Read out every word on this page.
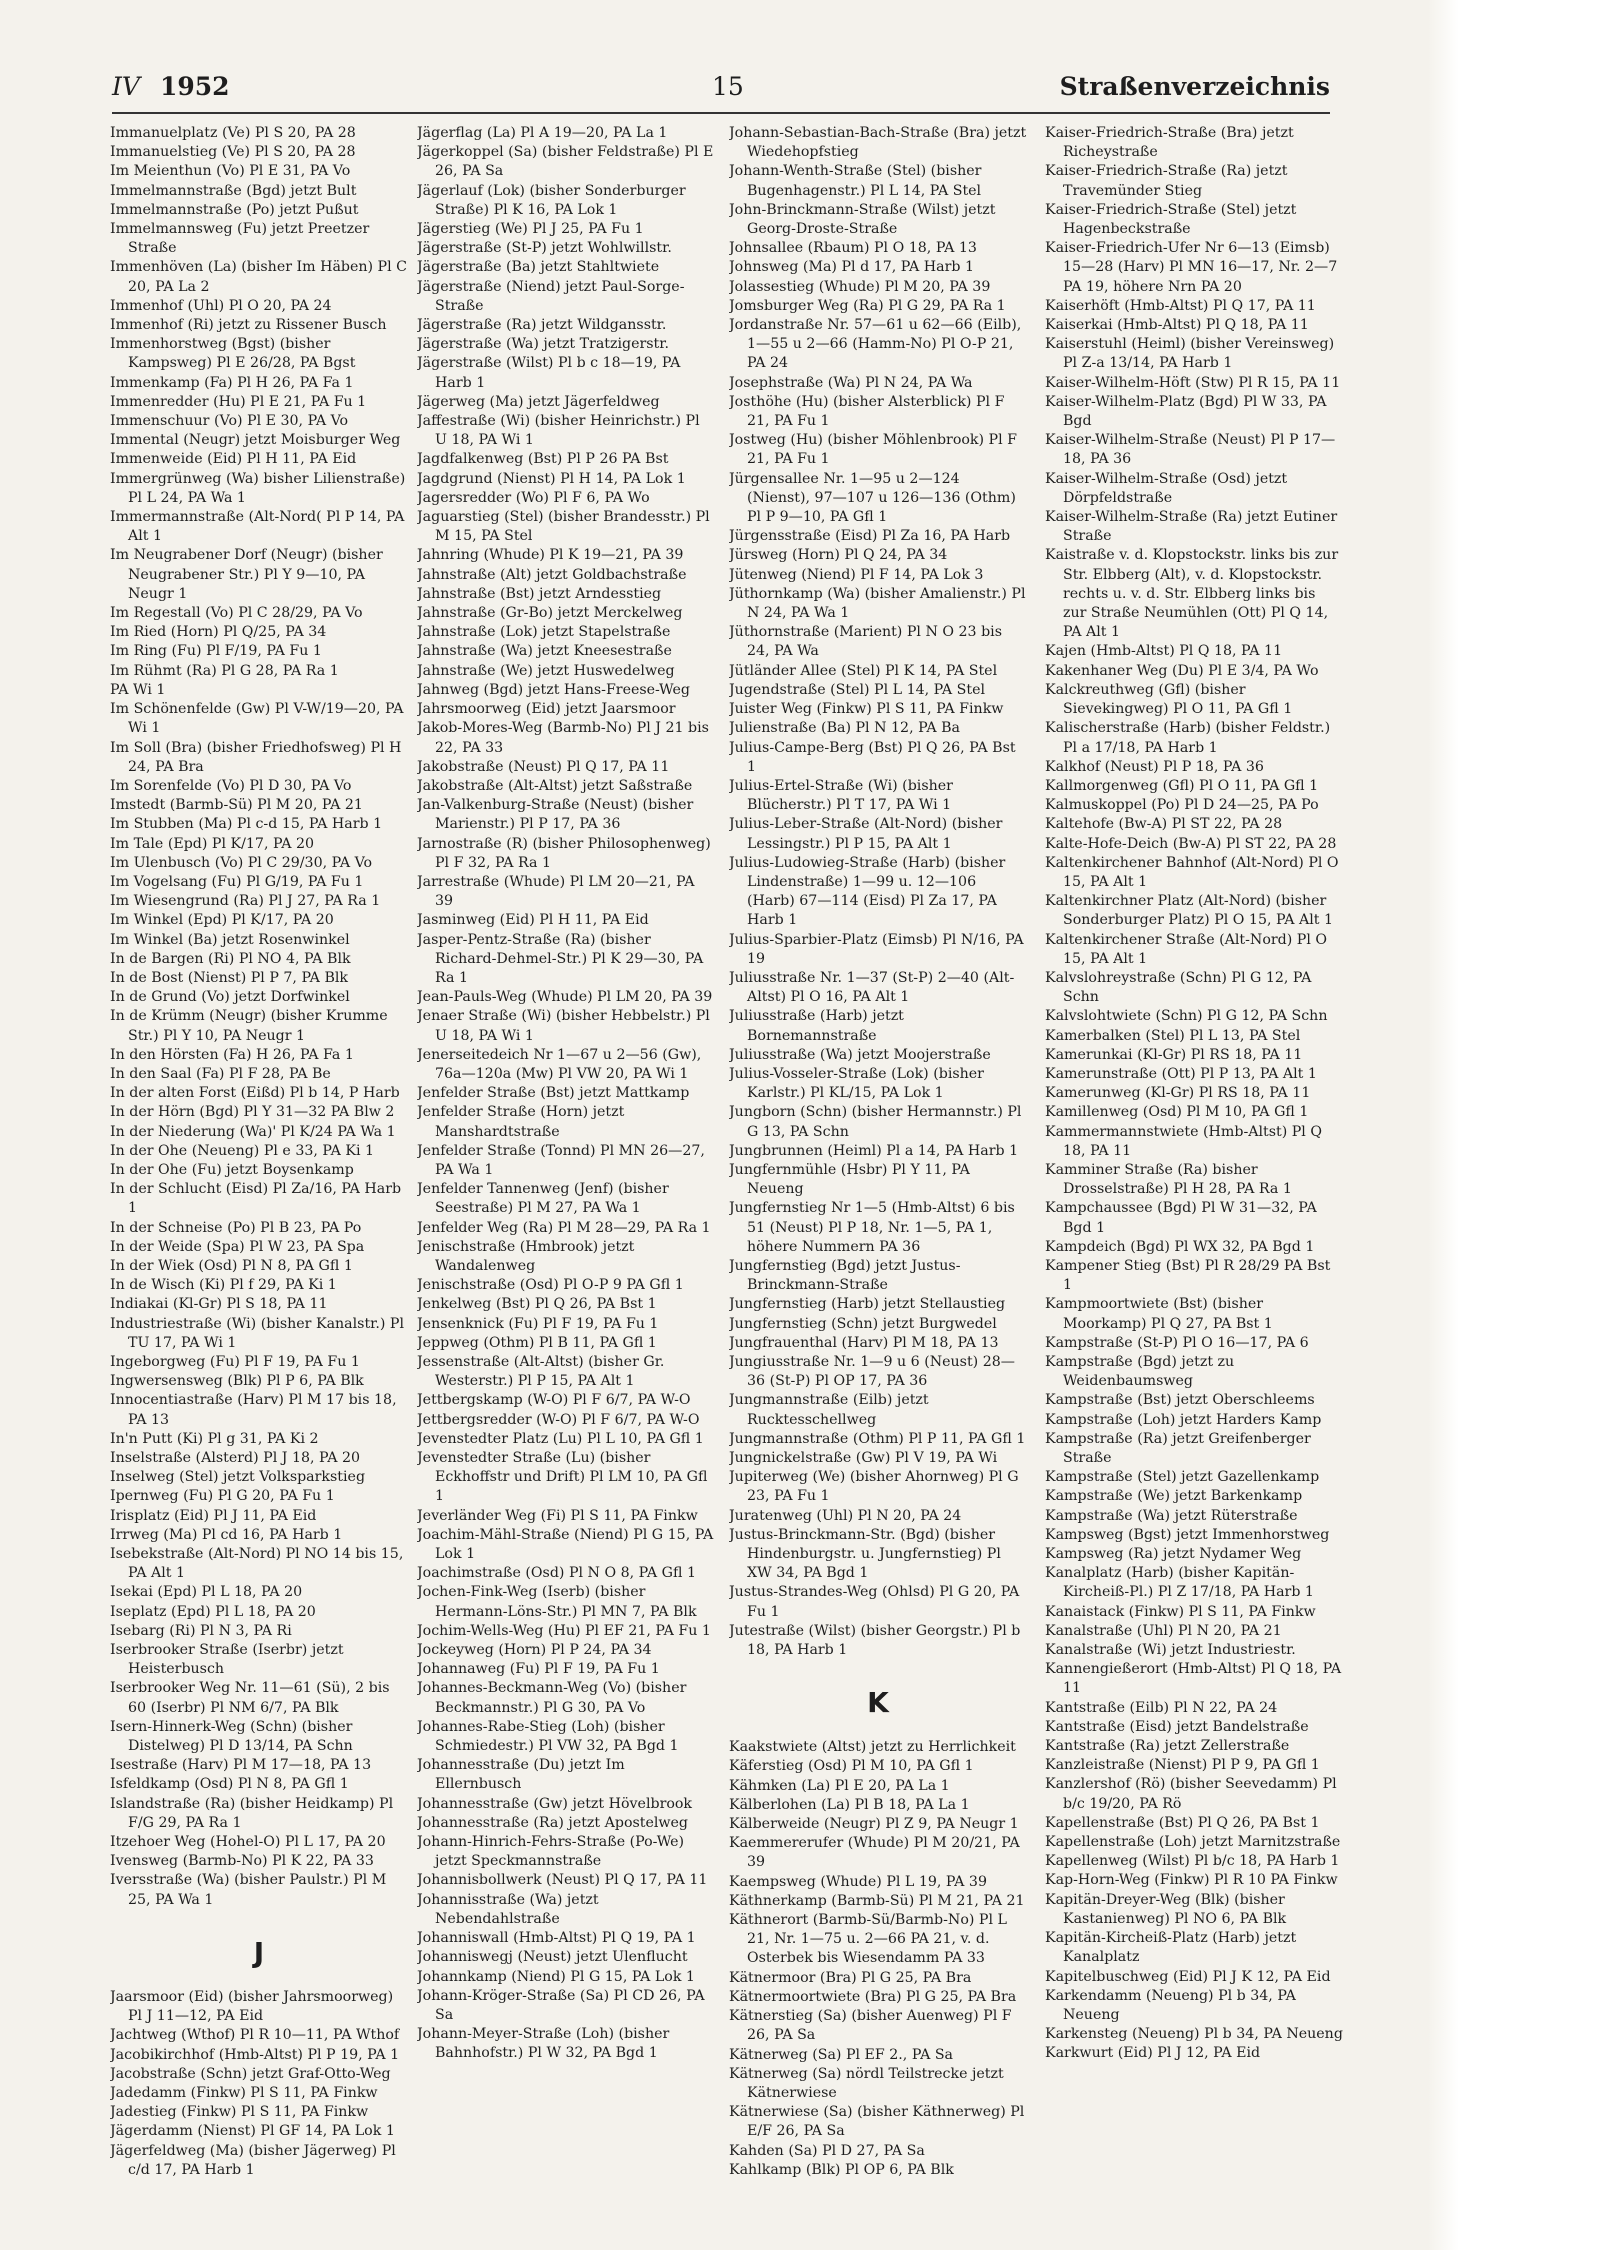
IV 1952	15	Straßenverzeichnis
Immanuelplatz (Ve) Pl S 20, PA 28
Immanuelstieg (Ve) Pl S 20, PA 28
Im Meienthun (Vo) Pl E 31, PA Vo
Immelmannstraße (Bgd) jetzt Bult
Immelmannstraße (Po) jetzt Pußut
Immelmannsweg (Fu) jetzt Preetzer Straße
Immenhöven (La) (bisher Im Häben) Pl C 20, PA La 2
Immenhof (Uhl) Pl O 20, PA 24
Immenhof (Ri) jetzt zu Rissener Busch
Immenhorstweg (Bgst) (bisher Kampsweg) Pl E 26/28, PA Bgst
Immenkamp (Fa) Pl H 26, PA Fa 1
Immenredder (Hu) Pl E 21, PA Fu 1
Immenschuur (Vo) Pl E 30, PA Vo
Immental (Neugr) jetzt Moisburger Weg
Immenweide (Eid) Pl H 11, PA Eid
Immergrünweg (Wa) bisher Lilienstraße) Pl L 24, PA Wa 1
Immermannstraße (Alt-Nord( Pl P 14, PA Alt 1
Im Neugrabener Dorf (Neugr) (bisher Neugrabener Str.) Pl Y 9—10, PA Neugr 1
Im Regestall (Vo) Pl C 28/29, PA Vo
Im Ried (Horn) Pl Q/25, PA 34
Im Ring (Fu) Pl F/19, PA Fu 1
Im Rühmt (Ra) Pl G 28, PA Ra 1
PA Wi 1
Im Schönenfelde (Gw) Pl V-W/19—20, PA Wi 1
Im Soll (Bra) (bisher Friedhofsweg) Pl H 24, PA Bra
Im Sorenfelde (Vo) Pl D 30, PA Vo
Imstedt (Barmb-Sü) Pl M 20, PA 21
Im Stubben (Ma) Pl c-d 15, PA Harb 1
Im Tale (Epd) Pl K/17, PA 20
Im Ulenbusch (Vo) Pl C 29/30, PA Vo
Im Vogelsang (Fu) Pl G/19, PA Fu 1
Im Wiesengrund (Ra) Pl J 27, PA Ra 1
Im Winkel (Epd) Pl K/17, PA 20
Im Winkel (Ba) jetzt Rosenwinkel
In de Bargen (Ri) Pl NO 4, PA Blk
In de Bost (Nienst) Pl P 7, PA Blk
In de Grund (Vo) jetzt Dorfwinkel
In de Krümm (Neugr) (bisher Krumme Str.) Pl Y 10, PA Neugr 1
In den Hörsten (Fa) H 26, PA Fa 1
In den Saal (Fa) Pl F 28, PA Be
In der alten Forst (Eißd) Pl b 14, P Harb
In der Hörn (Bgd) Pl Y 31—32 PA Blw 2
In der Niederung (Wa)' Pl K/24 PA Wa 1
In der Ohe (Neueng) Pl e 33, PA Ki 1
In der Ohe (Fu) jetzt Boysenkamp
In der Schlucht (Eisd) Pl Za/16, PA Harb 1
In der Schneise (Po) Pl B 23, PA Po
In der Weide (Spa) Pl W 23, PA Spa
In der Wiek (Osd) Pl N 8, PA Gfl 1
In de Wisch (Ki) Pl f 29, PA Ki 1
Indiakai (Kl-Gr) Pl S 18, PA 11
Industriestraße (Wi) (bisher Kanalstr.) Pl TU 17, PA Wi 1
Ingeborgweg (Fu) Pl F 19, PA Fu 1
Ingwersensweg (Blk) Pl P 6, PA Blk
Innocentiastraße (Harv) Pl M 17 bis 18, PA 13
In'n Putt (Ki) Pl g 31, PA Ki 2
Inselstraße (Alsterd) Pl J 18, PA 20
Inselweg (Stel) jetzt Volksparkstieg
Ipernweg (Fu) Pl G 20, PA Fu 1
Irisplatz (Eid) Pl J 11, PA Eid
Irrweg (Ma) Pl cd 16, PA Harb 1
Isebekstraße (Alt-Nord) Pl NO 14 bis 15, PA Alt 1
Isekai (Epd) Pl L 18, PA 20
Iseplatz (Epd) Pl L 18, PA 20
Isebarg (Ri) Pl N 3, PA Ri
Iserbrooker Straße (Iserbr) jetzt Heisterbusch
Iserbrooker Weg Nr. 11—61 (Sü), 2 bis 60 (Iserbr) Pl NM 6/7, PA Blk
Isern-Hinnerk-Weg (Schn) (bisher Distelweg) Pl D 13/14, PA Schn
Isestraße (Harv) Pl M 17—18, PA 13
Isfeldkamp (Osd) Pl N 8, PA Gfl 1
Islandstraße (Ra) (bisher Heidkamp) Pl F/G 29, PA Ra 1
Itzehoer Weg (Hohel-O) Pl L 17, PA 20
Ivensweg (Barmb-No) Pl K 22, PA 33
Iversstraße (Wa) (bisher Paulstr.) Pl M 25, PA Wa 1
J
Jaarsmoor (Eid) (bisher Jahrsmoorweg) Pl J 11—12, PA Eid
Jachtweg (Wthof) Pl R 10—11, PA Wthof
Jacobikirchhof (Hmb-Altst) Pl P 19, PA 1
Jacobstraße (Schn) jetzt Graf-Otto-Weg
Jadedamm (Finkw) Pl S 11, PA Finkw
Jadestieg (Finkw) Pl S 11, PA Finkw
Jägerdamm (Nienst) Pl GF 14, PA Lok 1
Jägerfeldweg (Ma) (bisher Jägerweg) Pl c/d 17, PA Harb 1
Jägerflag (La) Pl A 19—20, PA La 1
Jägerkoppel (Sa) (bisher Feldstraße) Pl E 26, PA Sa
Jägerlauf (Lok) (bisher Sonderburger Straße) Pl K 16, PA Lok 1
Jägerstieg (We) Pl J 25, PA Fu 1
Jägerstraße (St-P) jetzt Wohlwillstr.
Jägerstraße (Ba) jetzt Stahltwiete
Jägerstraße (Niend) jetzt Paul-Sorge-Straße
Jägerstraße (Ra) jetzt Wildgansstr.
Jägerstraße (Wa) jetzt Tratzigerstr.
Jägerstraße (Wilst) Pl b c 18—19, PA Harb 1
Jägerweg (Ma) jetzt Jägerfeldweg
Jaffestraße (Wi) (bisher Heinrichstr.) Pl U 18, PA Wi 1
Jagdfalkenweg (Bst) Pl P 26 PA Bst
Jagdgrund (Nienst) Pl H 14, PA Lok 1
Jagersredder (Wo) Pl F 6, PA Wo
Jaguarstieg (Stel) (bisher Brandesstr.) Pl M 15, PA Stel
Jahnring (Whude) Pl K 19—21, PA 39
Jahnstraße (Alt) jetzt Goldbachstraße
Jahnstraße (Bst) jetzt Arndesstieg
Jahnstraße (Gr-Bo) jetzt Merckelweg
Jahnstraße (Lok) jetzt Stapelstraße
Jahnstraße (Wa) jetzt Kneesestraße
Jahnstraße (We) jetzt Huswedelweg
Jahnweg (Bgd) jetzt Hans-Freese-Weg
Jahrsmoorweg (Eid) jetzt Jaarsmoor
Jakob-Mores-Weg (Barmb-No) Pl J 21 bis 22, PA 33
Jakobstraße (Neust) Pl Q 17, PA 11
Jakobstraße (Alt-Altst) jetzt Saßstraße
Jan-Valkenburg-Straße (Neust) (bisher Marienstr.) Pl P 17, PA 36
Jarnostraße (R) (bisher Philosophenweg) Pl F 32, PA Ra 1
Jarrestraße (Whude) Pl LM 20—21, PA 39
Jasminweg (Eid) Pl H 11, PA Eid
Jasper-Pentz-Straße (Ra) (bisher Richard-Dehmel-Str.) Pl K 29—30, PA Ra 1
Jean-Pauls-Weg (Whude) Pl LM 20, PA 39
Jenaer Straße (Wi) (bisher Hebbelstr.) Pl U 18, PA Wi 1
Jenerseitedeich Nr 1—67 u 2—56 (Gw), 76a—120a (Mw) Pl VW 20, PA Wi 1
Jenfelder Straße (Bst) jetzt Mattkamp
Jenfelder Straße (Horn) jetzt Manshardtstraße
Jenfelder Straße (Tonnd) Pl MN 26—27, PA Wa 1
Jenfelder Tannenweg (Jenf) (bisher Seestraße) Pl M 27, PA Wa 1
Jenfelder Weg (Ra) Pl M 28—29, PA Ra 1
Jenischstraße (Hmbrook) jetzt Wandalenweg
Jenischstraße (Osd) Pl O-P 9 PA Gfl 1
Jenkelweg (Bst) Pl Q 26, PA Bst 1
Jensenknick (Fu) Pl F 19, PA Fu 1
Jeppweg (Othm) Pl B 11, PA Gfl 1
Jessenstraße (Alt-Altst) (bisher Gr. Westerstr.) Pl P 15, PA Alt 1
Jettbergskamp (W-O) Pl F 6/7, PA W-O
Jettbergsredder (W-O) Pl F 6/7, PA W-O
Jevenstedter Platz (Lu) Pl L 10, PA Gfl 1
Jevenstedter Straße (Lu) (bisher Eckhoffstr und Drift) Pl LM 10, PA Gfl 1
Jeverländer Weg (Fi) Pl S 11, PA Finkw
Joachim-Mähl-Straße (Niend) Pl G 15, PA Lok 1
Joachimstraße (Osd) Pl N O 8, PA Gfl 1
Jochen-Fink-Weg (Iserb) (bisher Hermann-Löns-Str.) Pl MN 7, PA Blk
Jochim-Wells-Weg (Hu) Pl EF 21, PA Fu 1
Jockeyweg (Horn) Pl P 24, PA 34
Johannaweg (Fu) Pl F 19, PA Fu 1
Johannes-Beckmann-Weg (Vo) (bisher Beckmannstr.) Pl G 30, PA Vo
Johannes-Rabe-Stieg (Loh) (bisher Schmiedestr.) Pl VW 32, PA Bgd 1
Johannesstraße (Du) jetzt Im Ellernbusch
Johannesstraße (Gw) jetzt Hövelbrook
Johannesstraße (Ra) jetzt Apostelweg
Johann-Hinrich-Fehrs-Straße (Po-We) jetzt Speckmannstraße
Johannisbollwerk (Neust) Pl Q 17, PA 11
Johannisstraße (Wa) jetzt Nebendahlstraße
Johanniswall (Hmb-Altst) Pl Q 19, PA 1
Johanniswegj (Neust) jetzt Ulenflucht
Johannkamp (Niend) Pl G 15, PA Lok 1
Johann-Kröger-Straße (Sa) Pl CD 26, PA Sa
Johann-Meyer-Straße (Loh) (bisher Bahnhofstr.) Pl W 32, PA Bgd 1
Johann-Sebastian-Bach-Straße (Bra) jetzt Wiedehopfstieg
Johann-Wenth-Straße (Stel) (bisher Bugenhagenstr.) Pl L 14, PA Stel
John-Brinckmann-Straße (Wilst) jetzt Georg-Droste-Straße
Johnsallee (Rbaum) Pl O 18, PA 13
Johnsweg (Ma) Pl d 17, PA Harb 1
Jolassestieg (Whude) Pl M 20, PA 39
Jomsburger Weg (Ra) Pl G 29, PA Ra 1
Jordanstraße Nr. 57—61 u 62—66 (Eilb), 1—55 u 2—66 (Hamm-No) Pl O-P 21, PA 24
Josephstraße (Wa) Pl N 24, PA Wa
Josthöhe (Hu) (bisher Alsterblick) Pl F 21, PA Fu 1
Jostweg (Hu) (bisher Möhlenbrook) Pl F 21, PA Fu 1
Jürgensallee Nr. 1—95 u 2—124 (Nienst), 97—107 u 126—136 (Othm) Pl P 9—10, PA Gfl 1
Jürgensstraße (Eisd) Pl Za 16, PA Harb
Jürsweg (Horn) Pl Q 24, PA 34
Jütenweg (Niend) Pl F 14, PA Lok 3
Jüthornkamp (Wa) (bisher Amalienstr.) Pl N 24, PA Wa 1
Jüthornstraße (Marient) Pl N O 23 bis 24, PA Wa
Jütländer Allee (Stel) Pl K 14, PA Stel
Jugendstraße (Stel) Pl L 14, PA Stel
Juister Weg (Finkw) Pl S 11, PA Finkw
Julienstraße (Ba) Pl N 12, PA Ba
Julius-Campe-Berg (Bst) Pl Q 26, PA Bst 1
Julius-Ertel-Straße (Wi) (bisher Blücherstr.) Pl T 17, PA Wi 1
Julius-Leber-Straße (Alt-Nord) (bisher Lessingstr.) Pl P 15, PA Alt 1
Julius-Ludowieg-Straße (Harb) (bisher Lindenstraße) 1—99 u. 12—106 (Harb) 67—114 (Eisd) Pl Za 17, PA Harb 1
Julius-Sparbier-Platz (Eimsb) Pl N/16, PA 19
Juliusstraße Nr. 1—37 (St-P) 2—40 (Alt-Altst) Pl O 16, PA Alt 1
Juliusstraße (Harb) jetzt Bornemannstraße
Juliusstraße (Wa) jetzt Moojerstraße
Julius-Vosseler-Straße (Lok) (bisher Karlstr.) Pl KL/15, PA Lok 1
Jungborn (Schn) (bisher Hermannstr.) Pl G 13, PA Schn
Jungbrunnen (Heiml) Pl a 14, PA Harb 1
Jungfernmühle (Hsbr) Pl Y 11, PA Neueng
Jungfernstieg Nr 1—5 (Hmb-Altst) 6 bis 51 (Neust) Pl P 18, Nr. 1—5, PA 1, höhere Nummern PA 36
Jungfernstieg (Bgd) jetzt Justus-Brinckmann-Straße
Jungfernstieg (Harb) jetzt Stellaustieg
Jungfernstieg (Schn) jetzt Burgwedel
Jungfrauenthal (Harv) Pl M 18, PA 13
Jungiusstraße Nr. 1—9 u 6 (Neust) 28—36 (St-P) Pl OP 17, PA 36
Jungmannstraße (Eilb) jetzt Rucktesschellweg
Jungmannstraße (Othm) Pl P 11, PA Gfl 1
Jungnickelstraße (Gw) Pl V 19, PA Wi
Jupiterweg (We) (bisher Ahornweg) Pl G 23, PA Fu 1
Juratenweg (Uhl) Pl N 20, PA 24
Justus-Brinckmann-Str. (Bgd) (bisher Hindenburgstr. u. Jungfernstieg) Pl XW 34, PA Bgd 1
Justus-Strandes-Weg (Ohlsd) Pl G 20, PA Fu 1
Jutestraße (Wilst) (bisher Georgstr.) Pl b 18, PA Harb 1
K
Kaakstwiete (Altst) jetzt zu Herrlichkeit
Käferstieg (Osd) Pl M 10, PA Gfl 1
Kähmken (La) Pl E 20, PA La 1
Kälberlohen (La) Pl B 18, PA La 1
Kälberweide (Neugr) Pl Z 9, PA Neugr 1
Kaemmererufer (Whude) Pl M 20/21, PA 39
Kaempsweg (Whude) Pl L 19, PA 39
Käthnerkamp (Barmb-Sü) Pl M 21, PA 21
Käthnerort (Barmb-Sü/Barmb-No) Pl L 21, Nr. 1—75 u. 2—66 PA 21, v. d. Osterbek bis Wiesendamm PA 33
Kätnermoor (Bra) Pl G 25, PA Bra
Kätnermoortwiete (Bra) Pl G 25, PA Bra
Kätnerstieg (Sa) (bisher Auenweg) Pl F 26, PA Sa
Kätnerweg (Sa) Pl EF 2., PA Sa
Kätnerweg (Sa) nördl Teilstrecke jetzt Kätnerwiese
Kätnerwiese (Sa) (bisher Käthnerweg) Pl E/F 26, PA Sa
Kahden (Sa) Pl D 27, PA Sa
Kahlkamp (Blk) Pl OP 6, PA Blk
Kaiser-Friedrich-Straße (Bra) jetzt Richeystraße
Kaiser-Friedrich-Straße (Ra) jetzt Travemünder Stieg
Kaiser-Friedrich-Straße (Stel) jetzt Hagenbeckstraße
Kaiser-Friedrich-Ufer Nr 6—13 (Eimsb) 15—28 (Harv) Pl MN 16—17, Nr. 2—7 PA 19, höhere Nrn PA 20
Kaiserhöft (Hmb-Altst) Pl Q 17, PA 11
Kaiserkai (Hmb-Altst) Pl Q 18, PA 11
Kaiserstuhl (Heiml) (bisher Vereinsweg) Pl Z-a 13/14, PA Harb 1
Kaiser-Wilhelm-Höft (Stw) Pl R 15, PA 11
Kaiser-Wilhelm-Platz (Bgd) Pl W 33, PA Bgd
Kaiser-Wilhelm-Straße (Neust) Pl P 17—18, PA 36
Kaiser-Wilhelm-Straße (Osd) jetzt Dörpfeldstraße
Kaiser-Wilhelm-Straße (Ra) jetzt Eutiner Straße
Kaistraße v. d. Klopstockstr. links bis zur Str. Elbberg (Alt), v. d. Klopstockstr. rechts u. v. d. Str. Elbberg links bis zur Straße Neumühlen (Ott) Pl Q 14, PA Alt 1
Kajen (Hmb-Altst) Pl Q 18, PA 11
Kakenhaner Weg (Du) Pl E 3/4, PA Wo
Kalckreuthweg (Gfl) (bisher Sievekingweg) Pl O 11, PA Gfl 1
Kalischerstraße (Harb) (bisher Feldstr.) Pl a 17/18, PA Harb 1
Kalkhof (Neust) Pl P 18, PA 36
Kallmorgenweg (Gfl) Pl O 11, PA Gfl 1
Kalmuskoppel (Po) Pl D 24—25, PA Po
Kaltehofe (Bw-A) Pl ST 22, PA 28
Kalte-Hofe-Deich (Bw-A) Pl ST 22, PA 28
Kaltenkirchener Bahnhof (Alt-Nord) Pl O 15, PA Alt 1
Kaltenkirchner Platz (Alt-Nord) (bisher Sonderburger Platz) Pl O 15, PA Alt 1
Kaltenkirchener Straße (Alt-Nord) Pl O 15, PA Alt 1
Kalvslohreystraße (Schn) Pl G 12, PA Schn
Kalvslohtwiete (Schn) Pl G 12, PA Schn
Kamerbalken (Stel) Pl L 13, PA Stel
Kamerunkai (Kl-Gr) Pl RS 18, PA 11
Kamerunstraße (Ott) Pl P 13, PA Alt 1
Kamerunweg (Kl-Gr) Pl RS 18, PA 11
Kamillenweg (Osd) Pl M 10, PA Gfl 1
Kammermannstwiete (Hmb-Altst) Pl Q 18, PA 11
Kamminer Straße (Ra) bisher Drosselstraße) Pl H 28, PA Ra 1
Kampchaussee (Bgd) Pl W 31—32, PA Bgd 1
Kampdeich (Bgd) Pl WX 32, PA Bgd 1
Kampener Stieg (Bst) Pl R 28/29 PA Bst 1
Kampmoortwiete (Bst) (bisher Moorkamp) Pl Q 27, PA Bst 1
Kampstraße (St-P) Pl O 16—17, PA 6
Kampstraße (Bgd) jetzt zu Weidenbaumsweg
Kampstraße (Bst) jetzt Oberschleems
Kampstraße (Loh) jetzt Harders Kamp
Kampstraße (Ra) jetzt Greifenberger Straße
Kampstraße (Stel) jetzt Gazellenkamp
Kampstraße (We) jetzt Barkenkamp
Kampstraße (Wa) jetzt Rüterstraße
Kampsweg (Bgst) jetzt Immenhorstweg
Kampsweg (Ra) jetzt Nydamer Weg
Kanalplatz (Harb) (bisher Kapitän-Kircheiß-Pl.) Pl Z 17/18, PA Harb 1
Kanaistack (Finkw) Pl S 11, PA Finkw
Kanalstraße (Uhl) Pl N 20, PA 21
Kanalstraße (Wi) jetzt Industriestr.
Kannengießerort (Hmb-Altst) Pl Q 18, PA 11
Kantstraße (Eilb) Pl N 22, PA 24
Kantstraße (Eisd) jetzt Bandelstraße
Kantstraße (Ra) jetzt Zellerstraße
Kanzleistraße (Nienst) Pl P 9, PA Gfl 1
Kanzlershof (Rö) (bisher Seevedamm) Pl b/c 19/20, PA Rö
Kapellenstraße (Bst) Pl Q 26, PA Bst 1
Kapellenstraße (Loh) jetzt Marnitzstraße
Kapellenweg (Wilst) Pl b/c 18, PA Harb 1
Kap-Horn-Weg (Finkw) Pl R 10 PA Finkw
Kapitän-Dreyer-Weg (Blk) (bisher Kastanienweg) Pl NO 6, PA Blk
Kapitän-Kircheiß-Platz (Harb) jetzt Kanalplatz
Kapitelbuschweg (Eid) Pl J K 12, PA Eid
Karkendamm (Neueng) Pl b 34, PA Neueng
Karkensteg (Neueng) Pl b 34, PA Neueng
Karkwurt (Eid) Pl J 12, PA Eid
